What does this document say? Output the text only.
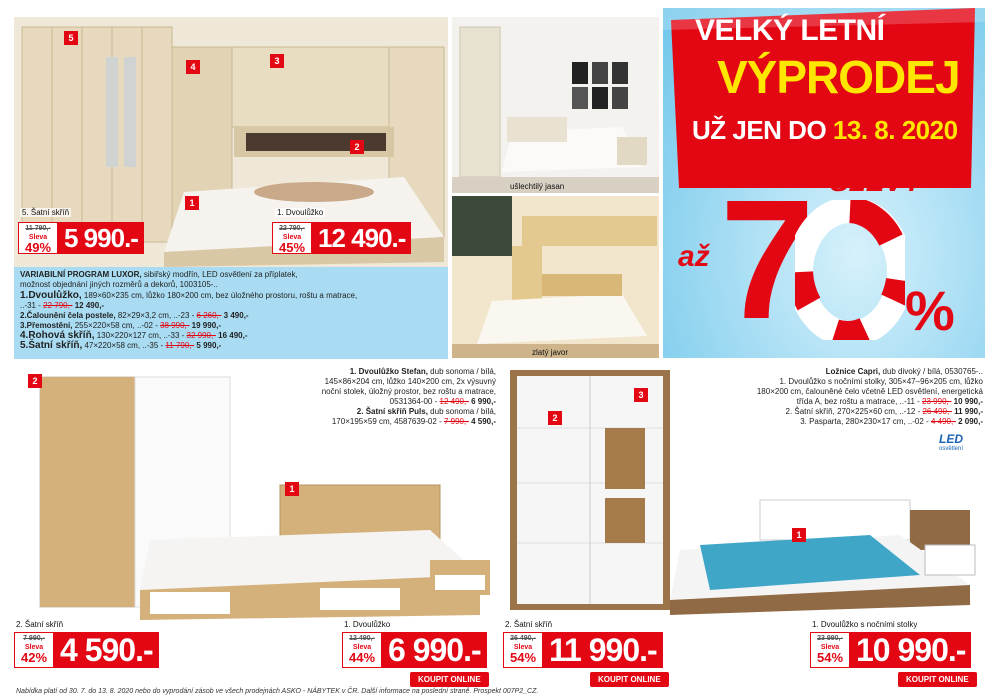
5
4
3
2
1
5. Šatní skříň
11 790,-
Sleva
49% 5 990.-
1. Dvoulůžko
22 790,-
Sleva
45% 12 490.-
VARIABILNÍ PROGRAM LUXOR, sibiřský modřín, LED osvětlení za příplatek,
možnost objednání jiných rozměrů a dekorů, 1003105-..
1.Dvoulůžko, 189×60×235 cm, lůžko 180×200 cm, bez úložného prostoru, roštu a matrace,
..-31 - 22 790,- 12 490,-
2.Čalounění čela postele, 82×29×3,2 cm, ..-23 - 6 260,- 3 490,-
3.Přemostění, 255×220×58 cm, ..-02 - 38 990,- 19 990,-
4.Rohová skříň, 130×220×127 cm, ..-33 - 32 990,- 16 490,-
5.Šatní skříň, 47×220×58 cm, ..-35 - 11 790,- 5 990,-
ušlechtilý jasan
zlatý javor
VELKÝ LETNÍ
VÝPRODEJ
UŽ JEN DO 13. 8. 2020
SLEVY*
až 7 %
2
1
1. Dvoulůžko Stefan, dub sonoma / bílá,
145×86×204 cm, lůžko 140×200 cm, 2x výsuvný
noční stolek, úložný prostor, bez roštu a matrace,
0531364-00 - 12 490,- 6 990,-
2. Šatní skříň Puls, dub sonoma / bílá,
170×195×59 cm, 4587639-02 - 7 990,- 4 590,-
2. Šatní skříň
7 990,-
Sleva
42% 4 590.-
1. Dvoulůžko
12 490,-
Sleva
44% 6 990.-
KOUPIT ONLINE
2
3
1
Ložnice Capri, dub divoký / bílá, 0530765-..
1. Dvoulůžko s nočními stolky, 305×47–96×205 cm, lůžko
180×200 cm, čalouněné čelo včetně LED osvětlení, energetická
třída A, bez roštu a matrace, ..-11 - 23 990,- 10 990,-
2. Šatní skříň, 270×225×60 cm, ..-12 - 26 490,- 11 990,-
3. Pasparta, 280×230×17 cm, ..-02 - 4 490,- 2 090,-
LED
osvětlení
2. Šatní skříň
26 490,-
Sleva
54% 11 990.-
KOUPIT ONLINE
1. Dvoulůžko s nočními stolky
23 990,-
Sleva
54% 10 990.-
KOUPIT ONLINE
Nabídka platí od 30. 7. do 13. 8. 2020 nebo do vyprodání zásob ve všech prodejnách ASKO - NÁBYTEK v ČR. Další informace na poslední straně. Prospekt 007P2_CZ.
